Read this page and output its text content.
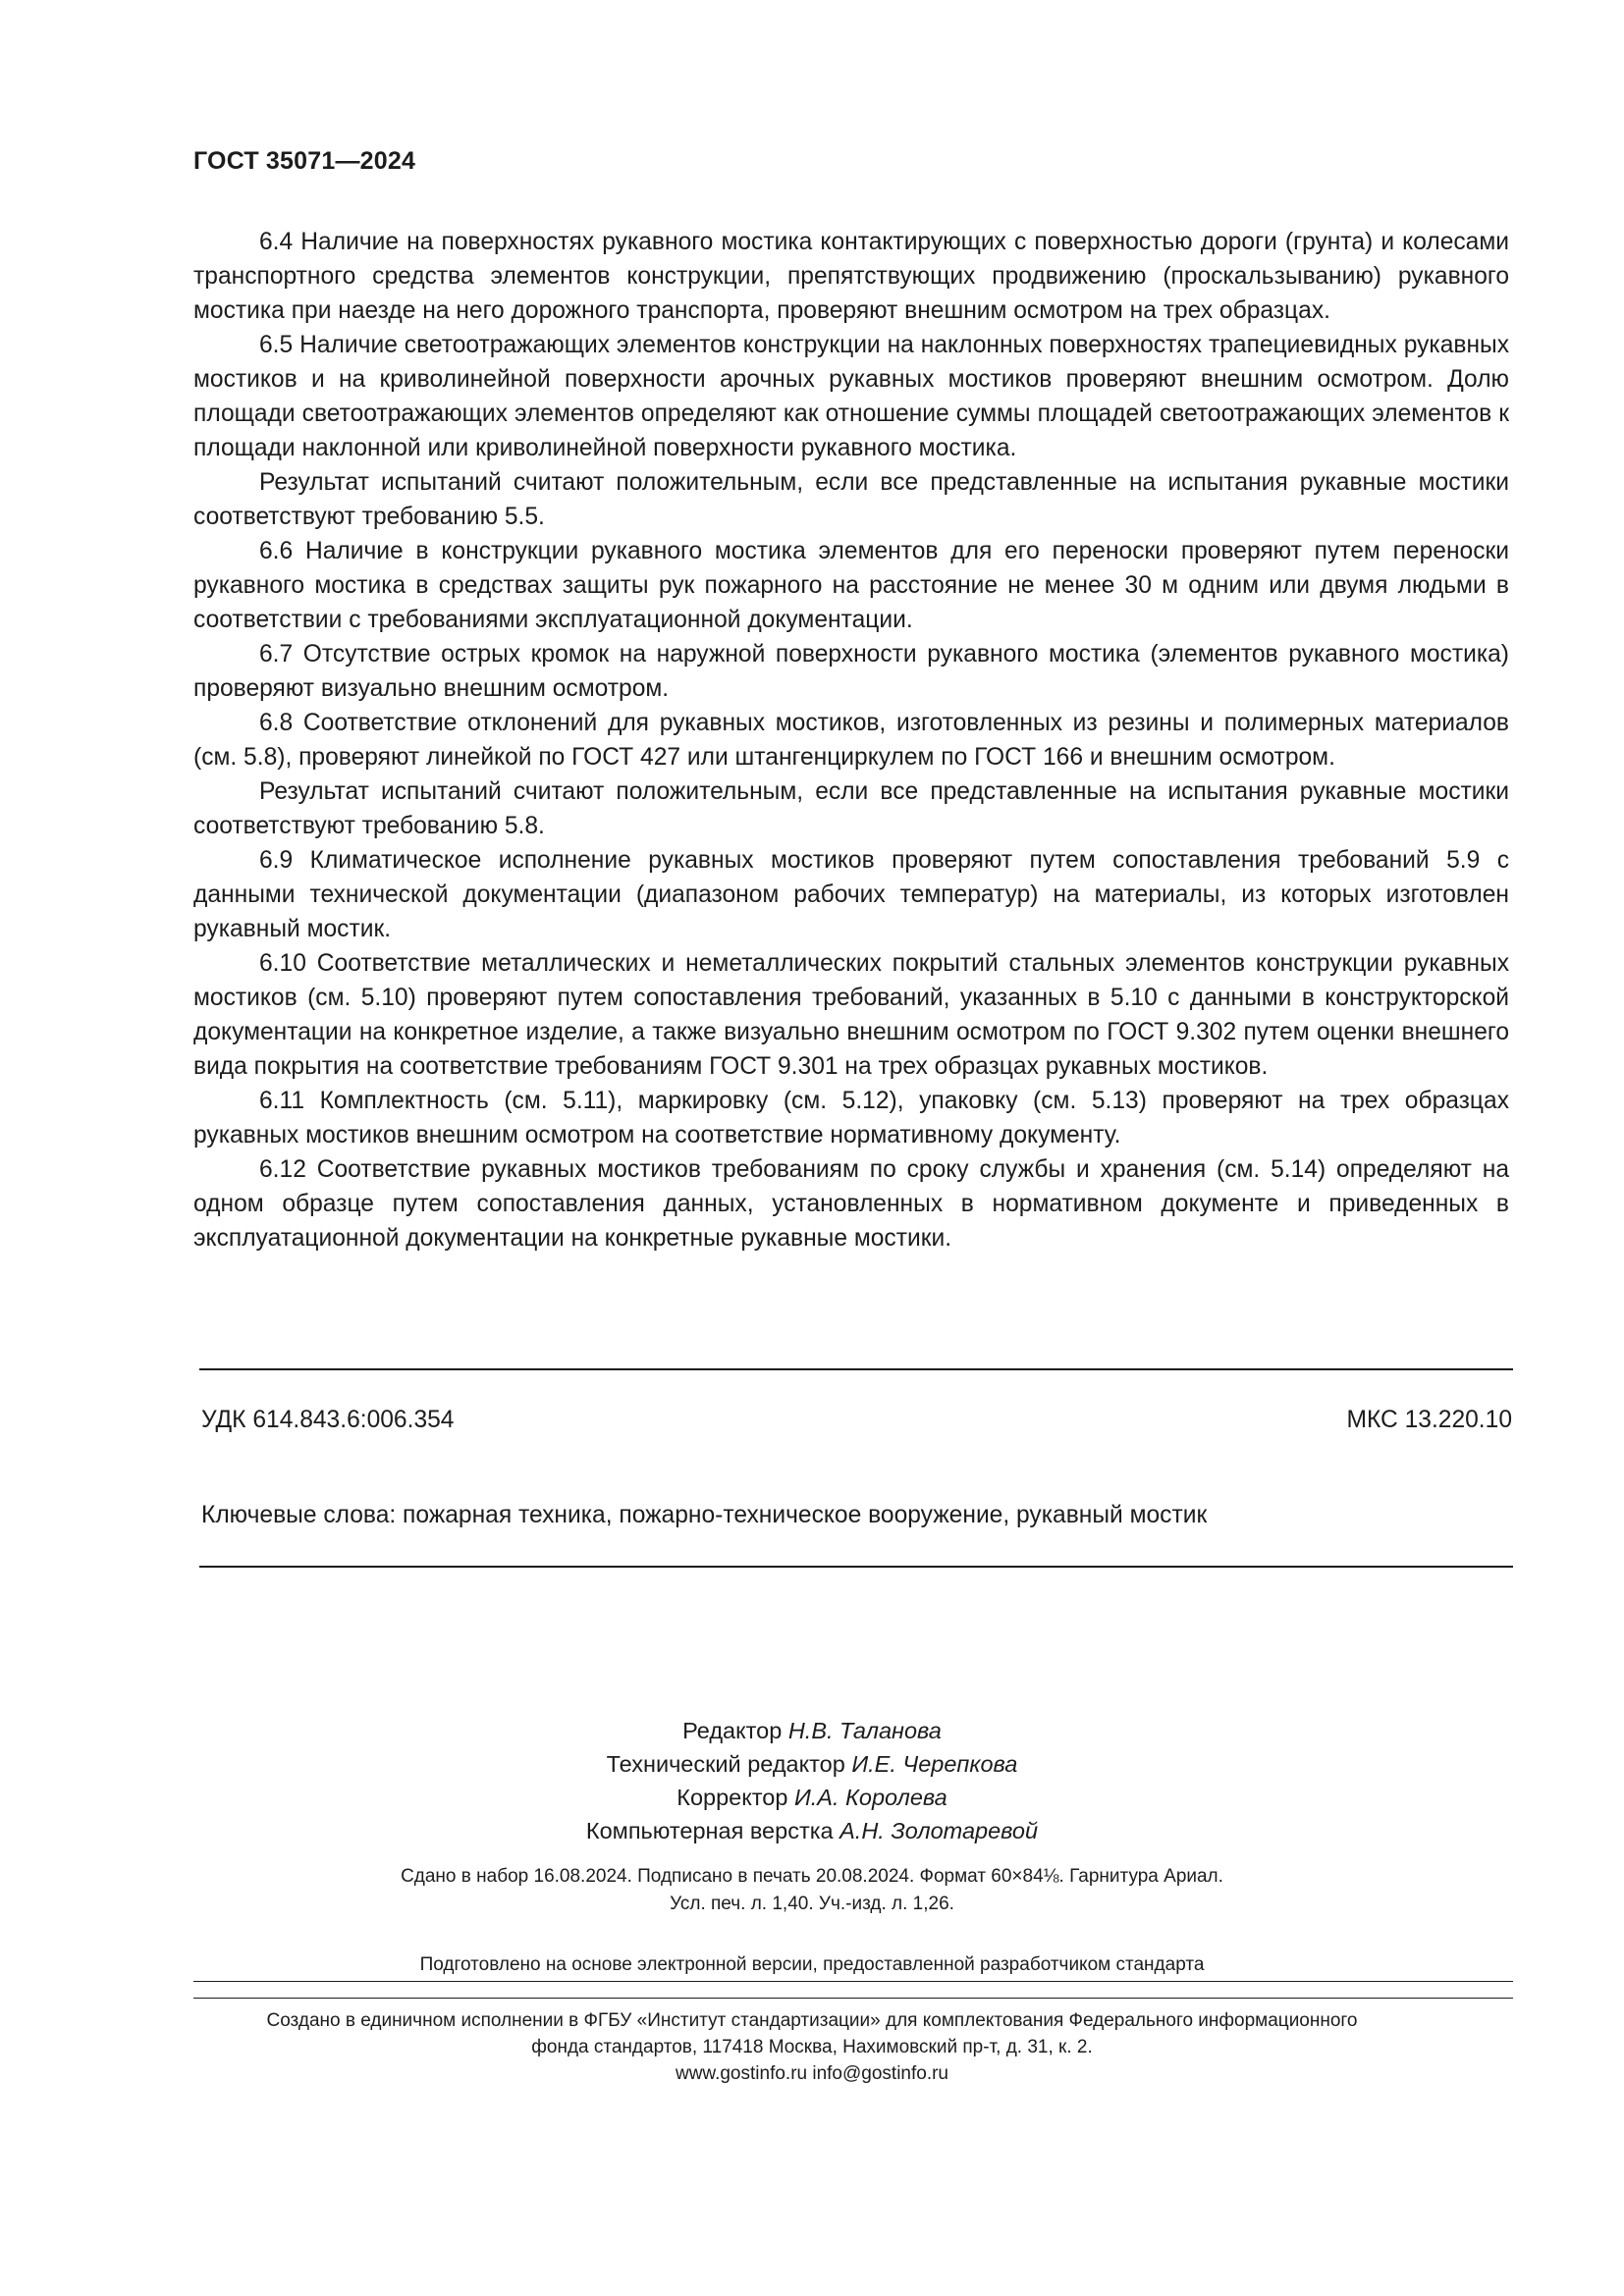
ГОСТ 35071—2024

6.4 Наличие на поверхностях рукавного мостика контактирующих с поверхностью дороги (грунта) и колесами транспортного средства элементов конструкции, препятствующих продвижению (проскальзыванию) рукавного мостика при наезде на него дорожного транспорта, проверяют внешним осмотром на трех образцах.

6.5 Наличие светоотражающих элементов конструкции на наклонных поверхностях трапециевидных рукавных мостиков и на криволинейной поверхности арочных рукавных мостиков проверяют внешним осмотром. Долю площади светоотражающих элементов определяют как отношение суммы площадей светоотражающих элементов к площади наклонной или криволинейной поверхности рукавного мостика.

Результат испытаний считают положительным, если все представленные на испытания рукавные мостики соответствуют требованию 5.5.

6.6 Наличие в конструкции рукавного мостика элементов для его переноски проверяют путем переноски рукавного мостика в средствах защиты рук пожарного на расстояние не менее 30 м одним или двумя людьми в соответствии с требованиями эксплуатационной документации.

6.7 Отсутствие острых кромок на наружной поверхности рукавного мостика (элементов рукавного мостика) проверяют визуально внешним осмотром.

6.8 Соответствие отклонений для рукавных мостиков, изготовленных из резины и полимерных материалов (см. 5.8), проверяют линейкой по ГОСТ 427 или штангенциркулем по ГОСТ 166 и внешним осмотром.

Результат испытаний считают положительным, если все представленные на испытания рукавные мостики соответствуют требованию 5.8.

6.9 Климатическое исполнение рукавных мостиков проверяют путем сопоставления требований 5.9 с данными технической документации (диапазоном рабочих температур) на материалы, из которых изготовлен рукавный мостик.

6.10 Соответствие металлических и неметаллических покрытий стальных элементов конструкции рукавных мостиков (см. 5.10) проверяют путем сопоставления требований, указанных в 5.10 с данными в конструкторской документации на конкретное изделие, а также визуально внешним осмотром по ГОСТ 9.302 путем оценки внешнего вида покрытия на соответствие требованиям ГОСТ 9.301 на трех образцах рукавных мостиков.

6.11 Комплектность (см. 5.11), маркировку (см. 5.12), упаковку (см. 5.13) проверяют на трех образцах рукавных мостиков внешним осмотром на соответствие нормативному документу.

6.12 Соответствие рукавных мостиков требованиям по сроку службы и хранения (см. 5.14) определяют на одном образце путем сопоставления данных, установленных в нормативном документе и приведенных в эксплуатационной документации на конкретные рукавные мостики.

УДК 614.843.6:006.354	МКС 13.220.10
Ключевые слова: пожарная техника, пожарно-техническое вооружение, рукавный мостик
Редактор Н.В. Таланова
Технический редактор И.Е. Черепкова
Корректор И.А. Королева
Компьютерная верстка А.Н. Золотаревой
Сдано в набор 16.08.2024. Подписано в печать 20.08.2024. Формат 60×84⅛. Гарнитура Ариал.
Усл. печ. л. 1,40. Уч.-изд. л. 1,26.
Подготовлено на основе электронной версии, предоставленной разработчиком стандарта
Создано в единичном исполнении в ФГБУ «Институт стандартизации» для комплектования Федерального информационного
фонда стандартов, 117418 Москва, Нахимовский пр-т, д. 31, к. 2.
www.gostinfo.ru info@gostinfo.ru
